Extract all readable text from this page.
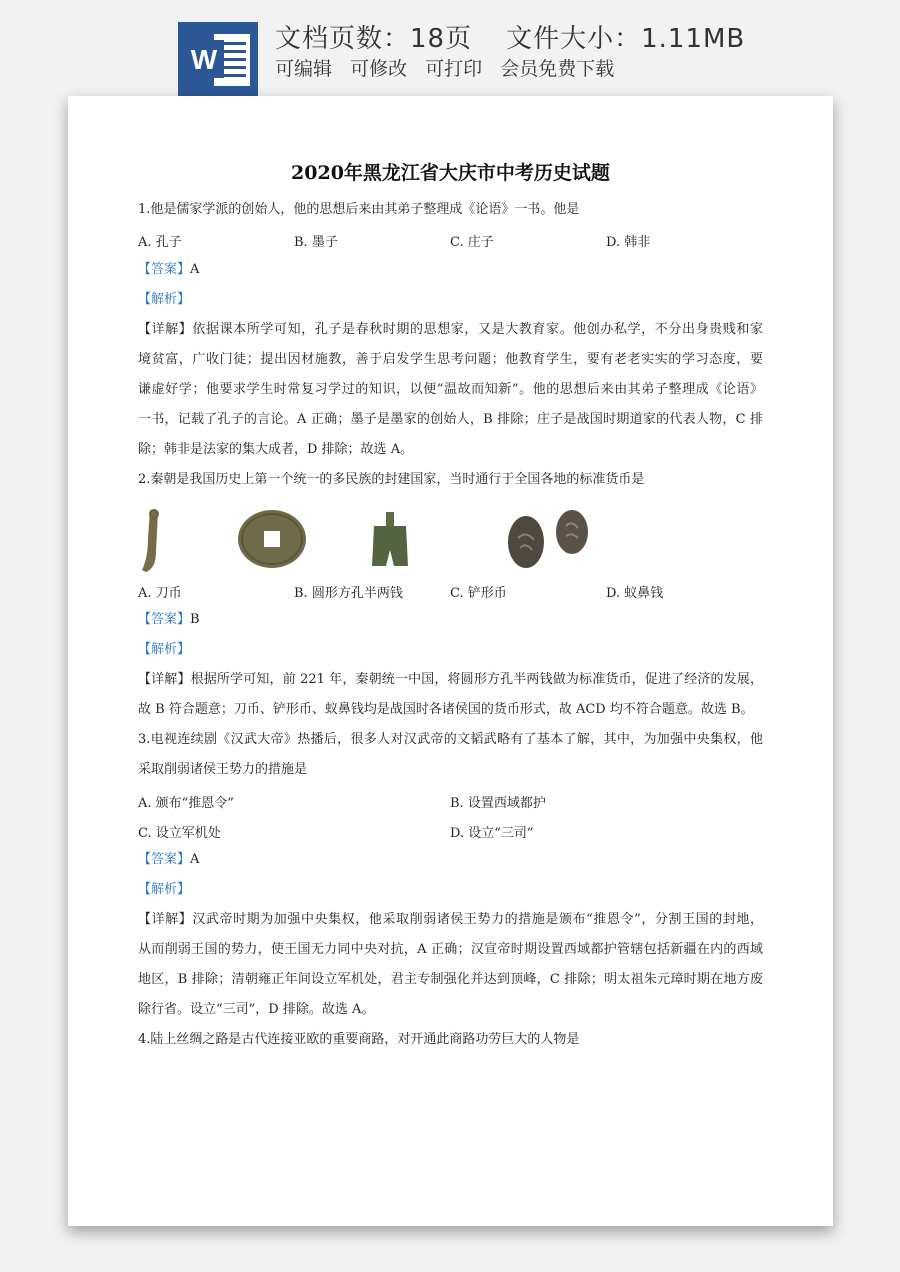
W
文档页数：18页 文件大小：1.11MB
可编辑 可修改 可打印 会员免费下载
2020年黑龙江省大庆市中考历史试题
1.他是儒家学派的创始人，他的思想后来由其弟子整理成《论语》一书。他是
A. 孔子	B. 墨子	C. 庄子	D. 韩非
【答案】A
【解析】
【详解】依据课本所学可知，孔子是春秋时期的思想家，又是大教育家。他创办私学，不分出身贵贱和家
境贫富，广收门徒；提出因材施教，善于启发学生思考问题；他教育学生，要有老老实实的学习态度，要
谦虚好学；他要求学生时常复习学过的知识，以便“温故而知新”。他的思想后来由其弟子整理成《论语》
一书，记载了孔子的言论。A 正确；墨子是墨家的创始人，B 排除；庄子是战国时期道家的代表人物，C 排
除；韩非是法家的集大成者，D 排除；故选 A。
2.秦朝是我国历史上第一个统一的多民族的封建国家，当时通行于全国各地的标准货币是
A. 刀币	B. 圆形方孔半两钱	C. 铲形币	D. 蚁鼻钱
【答案】B
【解析】
【详解】根据所学可知，前 221 年，秦朝统一中国，将圆形方孔半两钱做为标准货币，促进了经济的发展，
故 B 符合题意；刀币、铲形币、蚁鼻钱均是战国时各诸侯国的货币形式，故 ACD 均不符合题意。故选 B。
3.电视连续剧《汉武大帝》热播后，很多人对汉武帝的文韬武略有了基本了解，其中，为加强中央集权，他
采取削弱诸侯王势力的措施是
A. 颁布“推恩令”	B. 设置西域都护
C. 设立军机处	D. 设立“三司”
【答案】A
【解析】
【详解】汉武帝时期为加强中央集权，他采取削弱诸侯王势力的措施是颁布“推恩令”，分割王国的封地，
从而削弱王国的势力，使王国无力同中央对抗，A 正确；汉宣帝时期设置西域都护管辖包括新疆在内的西域
地区，B 排除；清朝雍正年间设立军机处，君主专制强化并达到顶峰，C 排除；明太祖朱元璋时期在地方废
除行省。设立“三司”，D 排除。故选 A。
4.陆上丝绸之路是古代连接亚欧的重要商路，对开通此商路功劳巨大的人物是
